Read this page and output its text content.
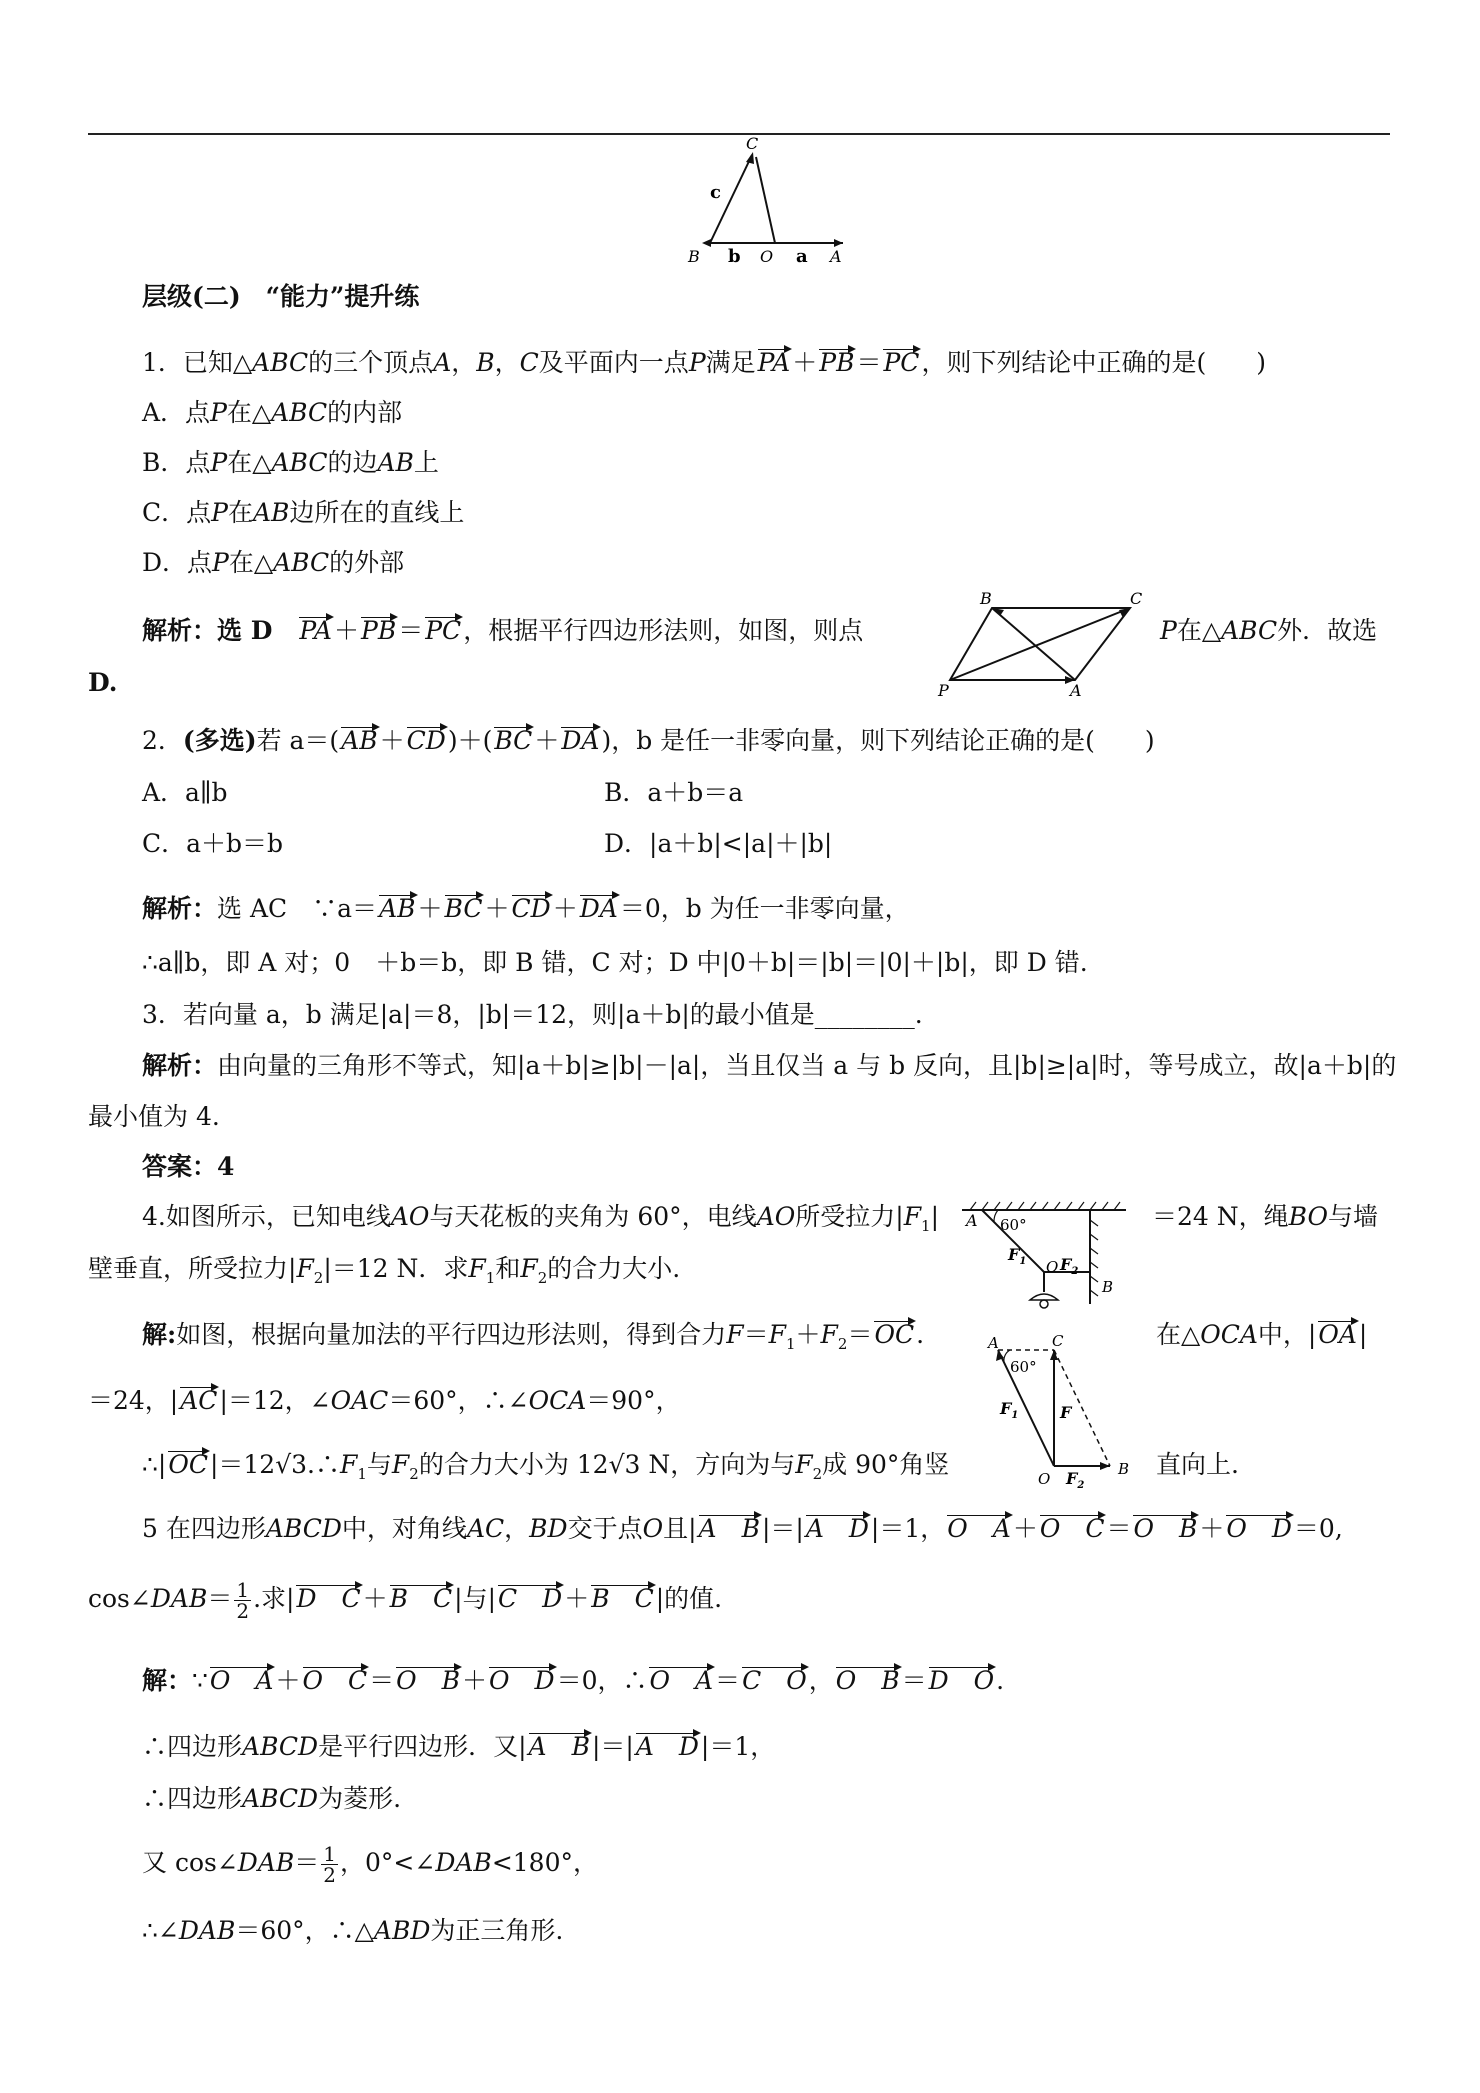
C
c
B b O a A
层级(二)　“能力”提升练
1．已知△ABC的三个顶点A，B，C及平面内一点P满足PA＋PB＝PC，则下列结论中正确的是(　　)
A．点P在△ABC的内部
B．点P在△ABC的边AB上
C．点P在AB边所在的直线上
D．点P在△ABC的外部
解析：选 D　PA＋PB＝PC，根据平行四边形法则，如图，则点	P在△ABC外．故选
D.
B	C
P	A
2．(多选)若 a＝(AB＋CD)＋(BC＋DA)，b 是任一非零向量，则下列结论正确的是(　　)
A．a∥b	B．a＋b＝a
C．a＋b＝b	D．|a＋b|<|a|＋|b|
解析：选 AC　∵a＝AB＋BC＋CD＋DA＝0，b 为任一非零向量，
∴a∥b，即 A 对；0　＋b＝b，即 B 错，C 对；D 中|0＋b|＝|b|＝|0|＋|b|，即 D 错.
3．若向量 a，b 满足|a|＝8，|b|＝12，则|a＋b|的最小值是________.
解析：由向量的三角形不等式，知|a＋b|≥|b|－|a|，当且仅当 a 与 b 反向，且|b|≥|a|时，等号成立，故|a＋b|的
最小值为 4.
答案：4
4.如图所示，已知电线AO与天花板的夹角为 60°，电线AO所受拉力$|F_1|$	＝24 N，绳BO与墙
壁垂直，所受拉力$|F_2|=12$ N．求$F_1$和$F_2$的合力大小.
A 60°
$F_1$ O $F_2$
B
解:如图，根据向量加法的平行四边形法则，得到合力$F=F_1+F_2=OC$.	在△OCA中，|OA|
＝24，|AC|＝12，∠OAC＝60°，∴∠OCA＝90°，
$\therefore|OC|=12√3.\therefore F_1$与$F_2$的合力大小为 12√3 N，方向为与$F_2$成 90°角竖	直向上.
A
60°
C
$F_1$	F
O $F_2$
B
5 在四边形ABCD中，对角线AC，BD交于点O且|A　B|＝|A　D|＝1，O　A＋O　C＝O　B＋O　D＝0,
cos∠DAB＝ $\frac{1}{2}$ .求|D　C＋B　C|与|C　D＋B　C|的值.
解：∵O　A＋O　C＝O　B＋O　D＝0，∴O　A＝C　O，O　B＝D　O.
∴四边形ABCD是平行四边形．又|A　B|＝|A　D|＝1，
∴四边形ABCD为菱形.
又 cos∠DAB＝ $\frac{1}{2}$ ，0°<∠DAB<180°，
∴∠DAB＝60°，∴△ABD为正三角形.
